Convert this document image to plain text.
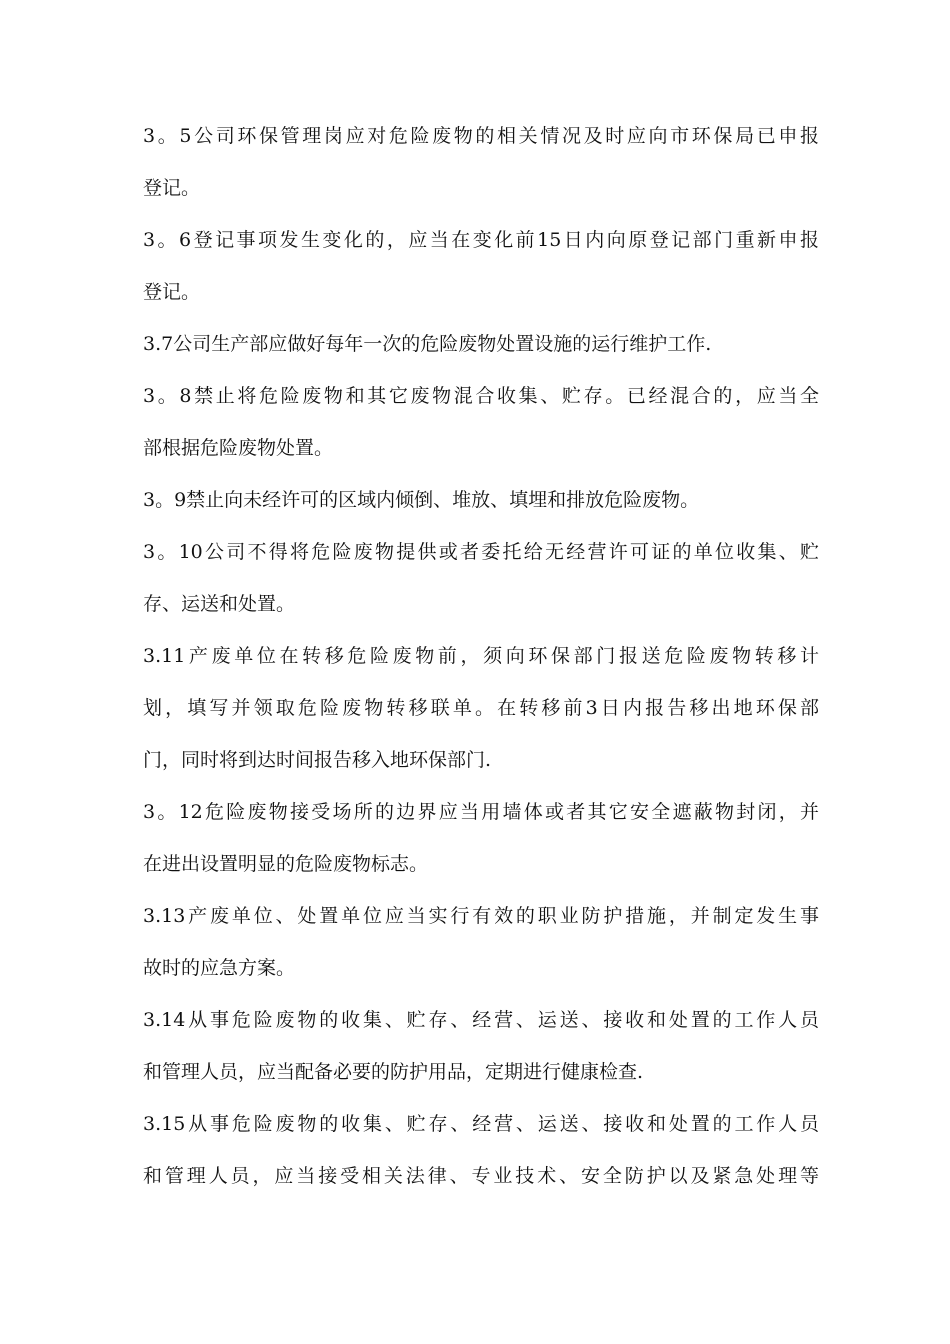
3。5公司环保管理岗应对危险废物的相关情况及时应向市环保局已申报
登记。
3。6登记事项发生变化的，应当在变化前15日内向原登记部门重新申报
登记。
3.7公司生产部应做好每年一次的危险废物处置设施的运行维护工作.
3。8禁止将危险废物和其它废物混合收集、贮存。已经混合的，应当全
部根据危险废物处置。
3。9禁止向未经许可的区域内倾倒、堆放、填埋和排放危险废物。
3。10公司不得将危险废物提供或者委托给无经营许可证的单位收集、贮
存、运送和处置。
3.11产废单位在转移危险废物前，须向环保部门报送危险废物转移计
划，填写并领取危险废物转移联单。在转移前3日内报告移出地环保部
门，同时将到达时间报告移入地环保部门.
3。12危险废物接受场所的边界应当用墙体或者其它安全遮蔽物封闭，并
在进出设置明显的危险废物标志。
3.13产废单位、处置单位应当实行有效的职业防护措施，并制定发生事
故时的应急方案。
3.14从事危险废物的收集、贮存、经营、运送、接收和处置的工作人员
和管理人员，应当配备必要的防护用品，定期进行健康检查.
3.15从事危险废物的收集、贮存、经营、运送、接收和处置的工作人员
和管理人员，应当接受相关法律、专业技术、安全防护以及紧急处理等
